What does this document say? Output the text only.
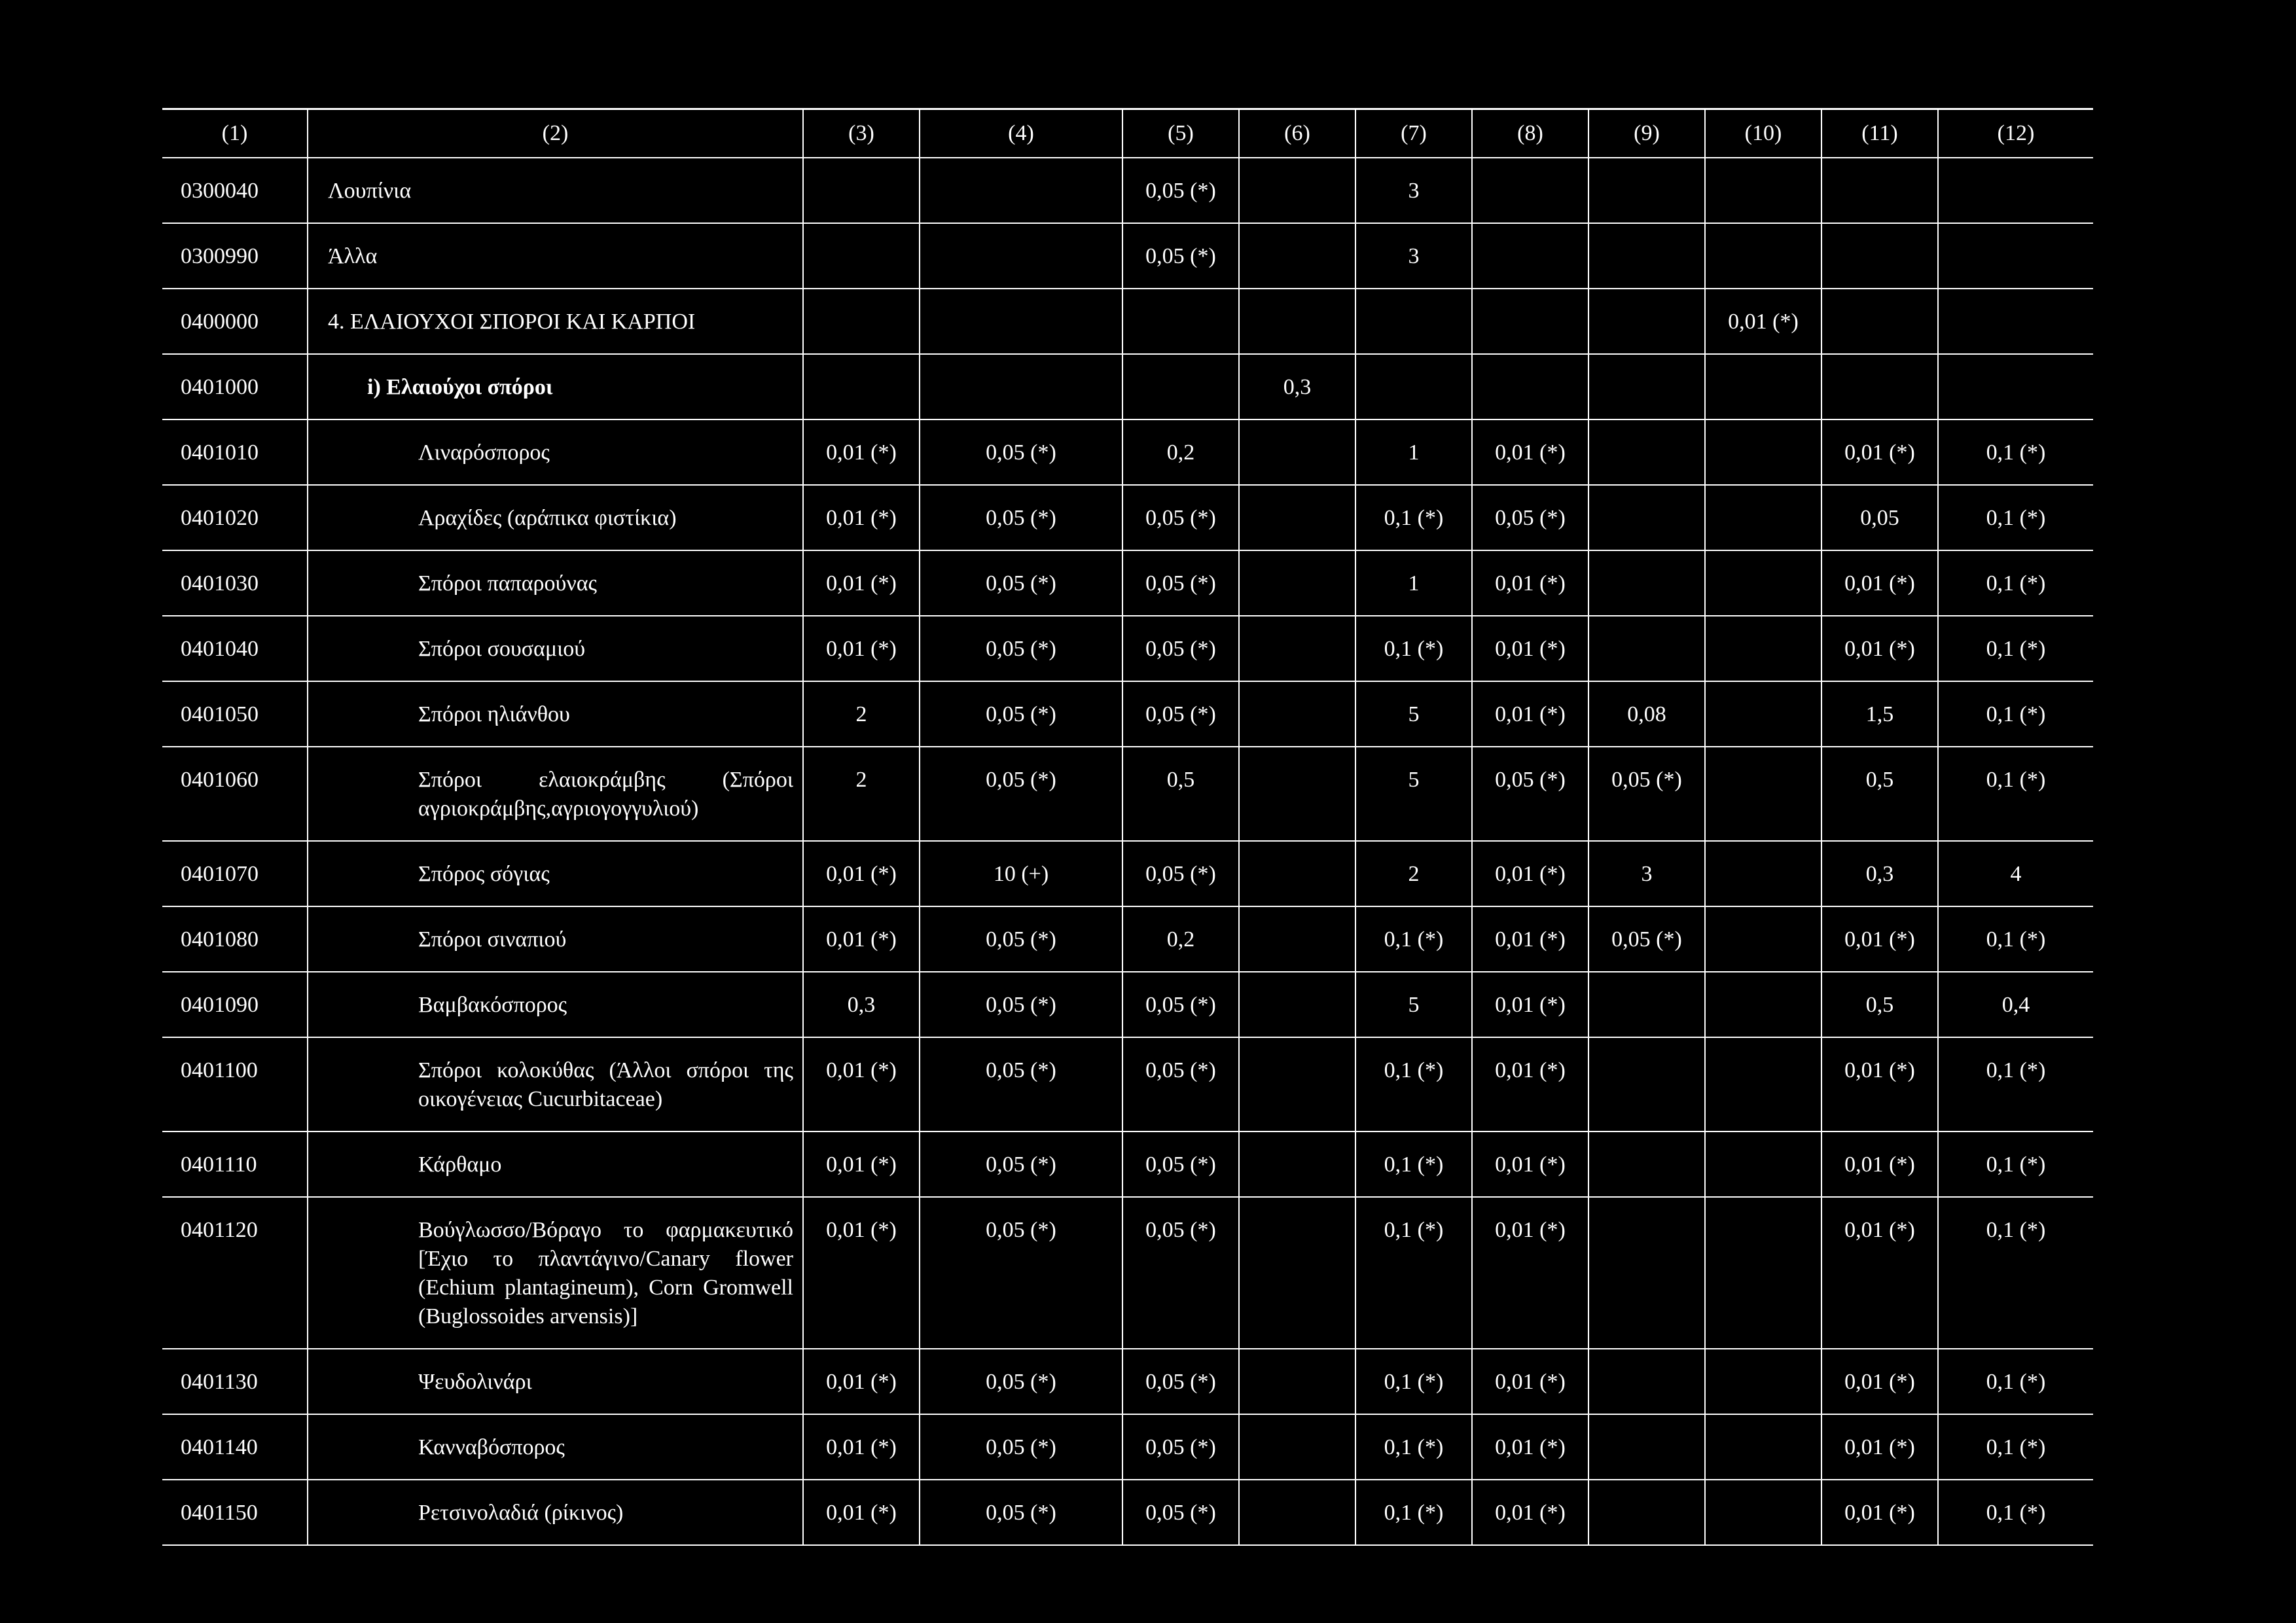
(1)	(2)	(3)	(4)	(5)	(6)	(7)	(8)	(9)	(10)	(11)	(12)
0300040	Λουπίνια			0,05 (*)		3					
0300990	Άλλα			0,05 (*)		3					
0400000	4. ΕΛΑΙΟΥΧΟΙ ΣΠΟΡΟΙ ΚΑΙ ΚΑΡΠΟΙ								0,01 (*)		
0401000	i) Ελαιούχοι σπόροι				0,3						
0401010	Λιναρόσπορος	0,01 (*)	0,05 (*)	0,2		1	0,01 (*)			0,01 (*)	0,1 (*)
0401020	Αραχίδες (αράπικα φιστίκια)	0,01 (*)	0,05 (*)	0,05 (*)		0,1 (*)	0,05 (*)			0,05	0,1 (*)
0401030	Σπόροι παπαρούνας	0,01 (*)	0,05 (*)	0,05 (*)		1	0,01 (*)			0,01 (*)	0,1 (*)
0401040	Σπόροι σουσαμιού	0,01 (*)	0,05 (*)	0,05 (*)		0,1 (*)	0,01 (*)			0,01 (*)	0,1 (*)
0401050	Σπόροι ηλιάνθου	2	0,05 (*)	0,05 (*)		5	0,01 (*)	0,08		1,5	0,1 (*)
0401060	Σπόροι ελαιοκράμβης (Σπόροι αγριοκράμβης,αγριογογγυλιού)	2	0,05 (*)	0,5		5	0,05 (*)	0,05 (*)		0,5	0,1 (*)
0401070	Σπόρος σόγιας	0,01 (*)	10 (+)	0,05 (*)		2	0,01 (*)	3		0,3	4
0401080	Σπόροι σιναπιού	0,01 (*)	0,05 (*)	0,2		0,1 (*)	0,01 (*)	0,05 (*)		0,01 (*)	0,1 (*)
0401090	Βαμβακόσπορος	0,3	0,05 (*)	0,05 (*)		5	0,01 (*)			0,5	0,4
0401100	Σπόροι κολοκύθας (Άλλοι σπόροι της οικογένειας Cucurbitaceae)	0,01 (*)	0,05 (*)	0,05 (*)		0,1 (*)	0,01 (*)			0,01 (*)	0,1 (*)
0401110	Κάρθαμο	0,01 (*)	0,05 (*)	0,05 (*)		0,1 (*)	0,01 (*)			0,01 (*)	0,1 (*)
0401120	Βούγλωσσο/Βόραγο το φαρμακευτικό [Έχιο το πλαντάγινο/Canary flower (Echium plantagineum), Corn Gromwell (Buglossoides arvensis)]	0,01 (*)	0,05 (*)	0,05 (*)		0,1 (*)	0,01 (*)			0,01 (*)	0,1 (*)
0401130	Ψευδολινάρι	0,01 (*)	0,05 (*)	0,05 (*)		0,1 (*)	0,01 (*)			0,01 (*)	0,1 (*)
0401140	Κανναβόσπορος	0,01 (*)	0,05 (*)	0,05 (*)		0,1 (*)	0,01 (*)			0,01 (*)	0,1 (*)
0401150	Ρετσινολαδιά (ρίκινος)	0,01 (*)	0,05 (*)	0,05 (*)		0,1 (*)	0,01 (*)			0,01 (*)	0,1 (*)
